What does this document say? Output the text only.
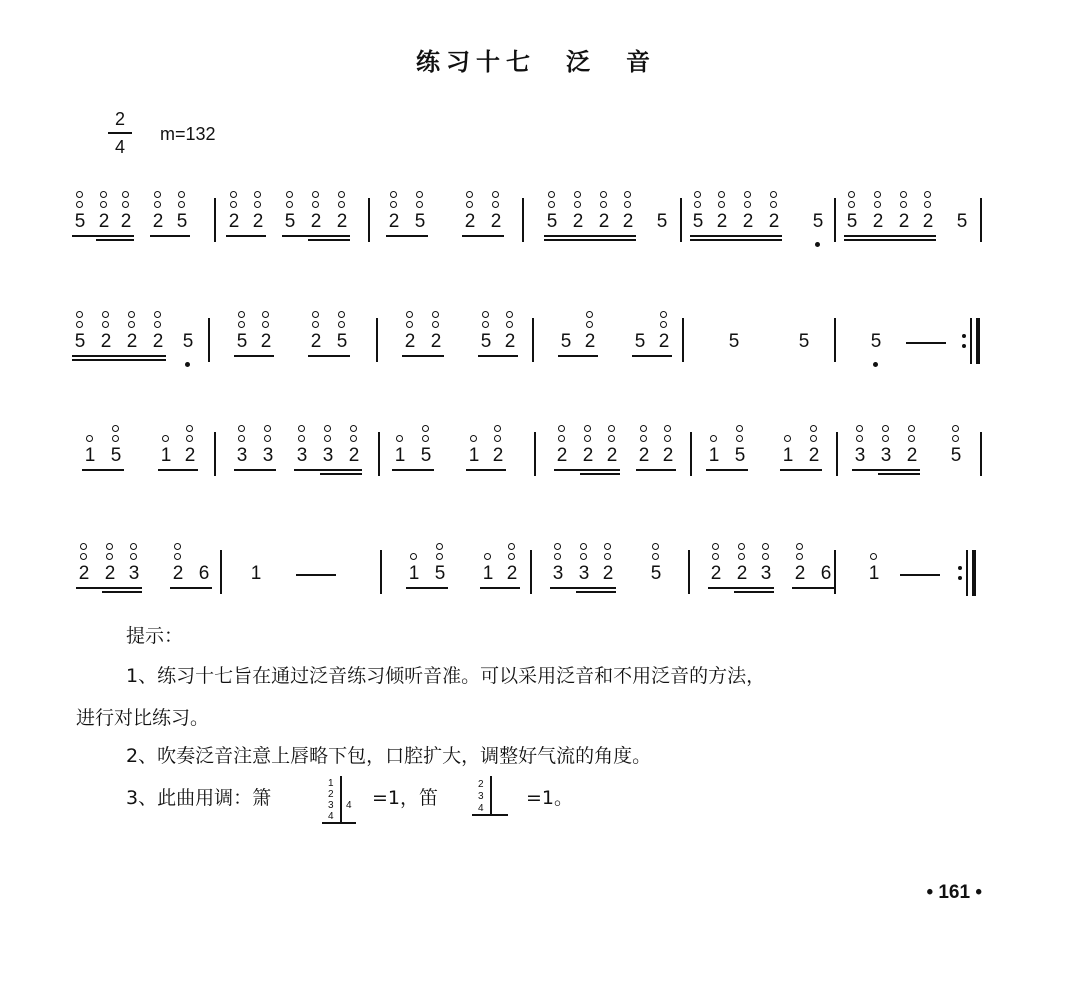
练习十七　泛　音
2
4
m=132
5 2 2 2 5 2 2 5 2 2 2 5 2 2 5 2 2 2 5 5 2 2 2 5 5 2 2 2 5
5 2 2 2 5 5 2 2 5	2 2 5 2 5 2 5 2	5	5	5
1 5 1 2 3 3 3 3 2 1 5 1 2	2 2 2 2 2 1 5 1 2 3 3 2 5
2 2 3 2 6 1	1 5 1 2 3 3 2 5	2 2 3 2 6 1
提示：
1、练习十七旨在通过泛音练习倾听音准。可以采用泛音和不用泛音的方法，
进行对比练习。
2、吹奏泛音注意上唇略下包，口腔扩大，调整好气流的角度。
3、此曲用调：箫
1
2
3
4
4 =1，笛
2
3
4 =1。
• 161 •
